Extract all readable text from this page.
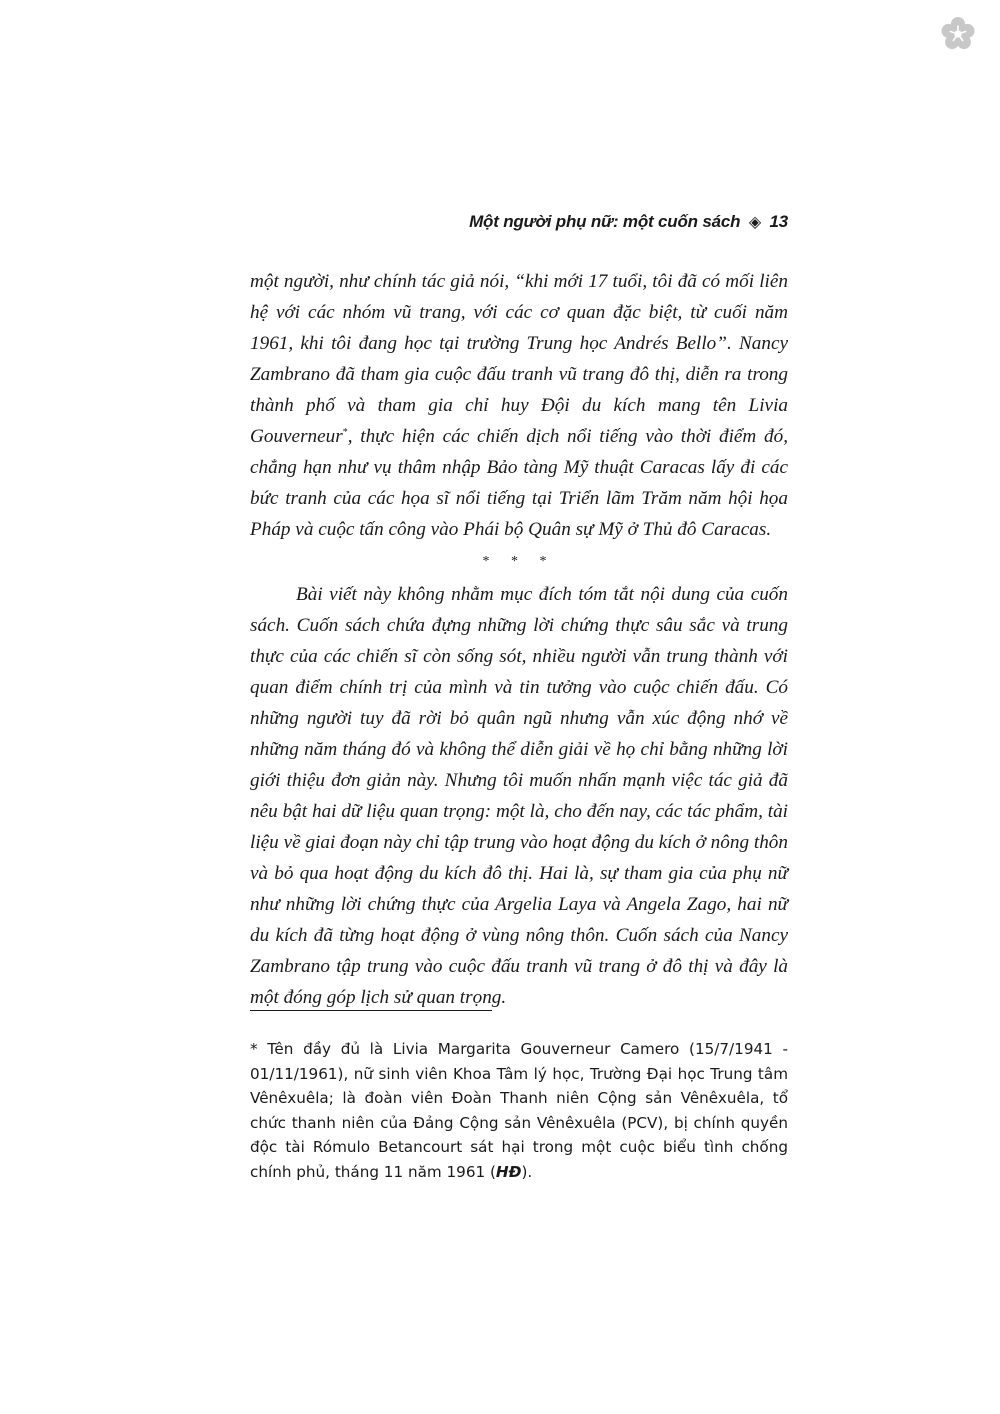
Một người phụ nữ: một cuốn sách ◈ 13

một người, như chính tác giả nói, “khi mới 17 tuổi, tôi đã có mối liên hệ với các nhóm vũ trang, với các cơ quan đặc biệt, từ cuối năm 1961, khi tôi đang học tại trường Trung học Andrés Bello”. Nancy Zambrano đã tham gia cuộc đấu tranh vũ trang đô thị, diễn ra trong thành phố và tham gia chỉ huy Đội du kích mang tên Livia Gouverneur*, thực hiện các chiến dịch nổi tiếng vào thời điểm đó, chẳng hạn như vụ thâm nhập Bảo tàng Mỹ thuật Caracas lấy đi các bức tranh của các họa sĩ nổi tiếng tại Triển lãm Trăm năm hội họa Pháp và cuộc tấn công vào Phái bộ Quân sự Mỹ ở Thủ đô Caracas.

* * *

Bài viết này không nhằm mục đích tóm tắt nội dung của cuốn sách. Cuốn sách chứa đựng những lời chứng thực sâu sắc và trung thực của các chiến sĩ còn sống sót, nhiều người vẫn trung thành với quan điểm chính trị của mình và tin tưởng vào cuộc chiến đấu. Có những người tuy đã rời bỏ quân ngũ nhưng vẫn xúc động nhớ về những năm tháng đó và không thể diễn giải về họ chỉ bằng những lời giới thiệu đơn giản này. Nhưng tôi muốn nhấn mạnh việc tác giả đã nêu bật hai dữ liệu quan trọng: một là, cho đến nay, các tác phẩm, tài liệu về giai đoạn này chỉ tập trung vào hoạt động du kích ở nông thôn và bỏ qua hoạt động du kích đô thị. Hai là, sự tham gia của phụ nữ như những lời chứng thực của Argelia Laya và Angela Zago, hai nữ du kích đã từng hoạt động ở vùng nông thôn. Cuốn sách của Nancy Zambrano tập trung vào cuộc đấu tranh vũ trang ở đô thị và đây là một đóng góp lịch sử quan trọng.

* Tên đầy đủ là Livia Margarita Gouverneur Camero (15/7/1941 - 01/11/1961), nữ sinh viên Khoa Tâm lý học, Trường Đại học Trung tâm Vênêxuêla; là đoàn viên Đoàn Thanh niên Cộng sản Vênêxuêla, tổ chức thanh niên của Đảng Cộng sản Vênêxuêla (PCV), bị chính quyền độc tài Rómulo Betancourt sát hại trong một cuộc biểu tình chống chính phủ, tháng 11 năm 1961 (HĐ).
